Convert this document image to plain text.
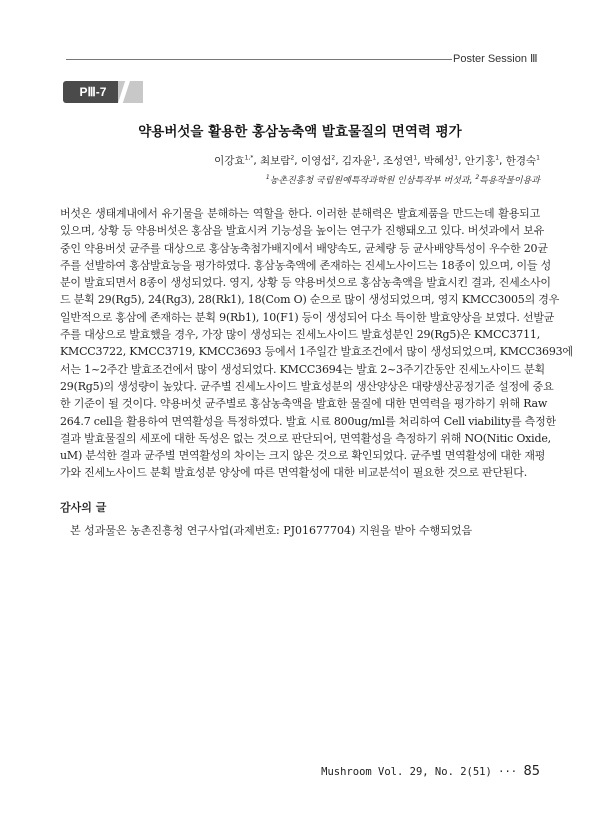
Poster Session Ⅲ
PⅢ-7
약용버섯을 활용한 홍삼농축액 발효물질의 면역력 평가
이강효$^{1,*}$, 최보람$^2$, 이영섭$^2$, 김자윤$^1$, 조성연$^1$, 박혜성$^1$, 안기홍$^1$, 한경숙$^1$
$^1$농촌진흥청 국립원예특작과학원 인삼특작부 버섯과, $^2$특용작물이용과
버섯은 생태계내에서 유기물을 분해하는 역할을 한다. 이러한 분해력은 발효제품을 만드는데 활용되고
있으며, 상황 등 약용버섯은 홍삼을 발효시켜 기능성을 높이는 연구가 진행돼오고 있다. 버섯과에서 보유
중인 약용버섯 균주를 대상으로 홍삼농축첨가배지에서 배양속도, 균체량 등 균사배양특성이 우수한 20균
주를 선발하여 홍삼발효능을 평가하였다. 홍삼농축액에 존재하는 진세노사이드는 18종이 있으며, 이들 성
분이 발효되면서 8종이 생성되었다. 영지, 상황 등 약용버섯으로 홍삼농축액을 발효시킨 결과, 진세소사이
드 분획 29(Rg5), 24(Rg3), 28(Rk1), 18(Com O) 순으로 많이 생성되었으며, 영지 KMCC3005의 경우
일반적으로 홍삼에 존재하는 분획 9(Rb1), 10(F1) 등이 생성되어 다소 특이한 발효양상을 보였다. 선발균
주를 대상으로 발효했을 경우, 가장 많이 생성되는 진세노사이드 발효성분인 29(Rg5)은 KMCC3711,
KMCC3722, KMCC3719, KMCC3693 등에서 1주일간 발효조건에서 많이 생성되었으며, KMCC3693에
서는 1~2주간 발효조건에서 많이 생성되었다. KMCC3694는 발효 2~3주기간동안 진세노사이드 분획
29(Rg5)의 생성량이 높았다. 균주별 진세노사이드 발효성분의 생산양상은 대량생산공정기준 설정에 중요
한 기준이 될 것이다. 약용버섯 균주별로 홍삼농축액을 발효한 물질에 대한 면역력을 평가하기 위해 Raw
264.7 cell을 활용하여 면역활성을 특정하였다. 발효 시료 800ug/ml를 처리하여 Cell viability를 측정한
결과 발효물질의 세포에 대한 독성은 없는 것으로 판단되어, 면역활성을 측정하기 위해 NO(Nitic Oxide,
uM) 분석한 결과 균주별 면역활성의 차이는 크지 않은 것으로 확인되었다. 균주별 면역활성에 대한 재평
가와 진세노사이드 분획 발효성분 양상에 따른 면역활성에 대한 비교분석이 필요한 것으로 판단된다.
감사의 글
본 성과물은 농촌진흥청 연구사업(과제번호: PJ01677704) 지원을 받아 수행되었음
Mushroom Vol. 29, No. 2(51) ··· 85
